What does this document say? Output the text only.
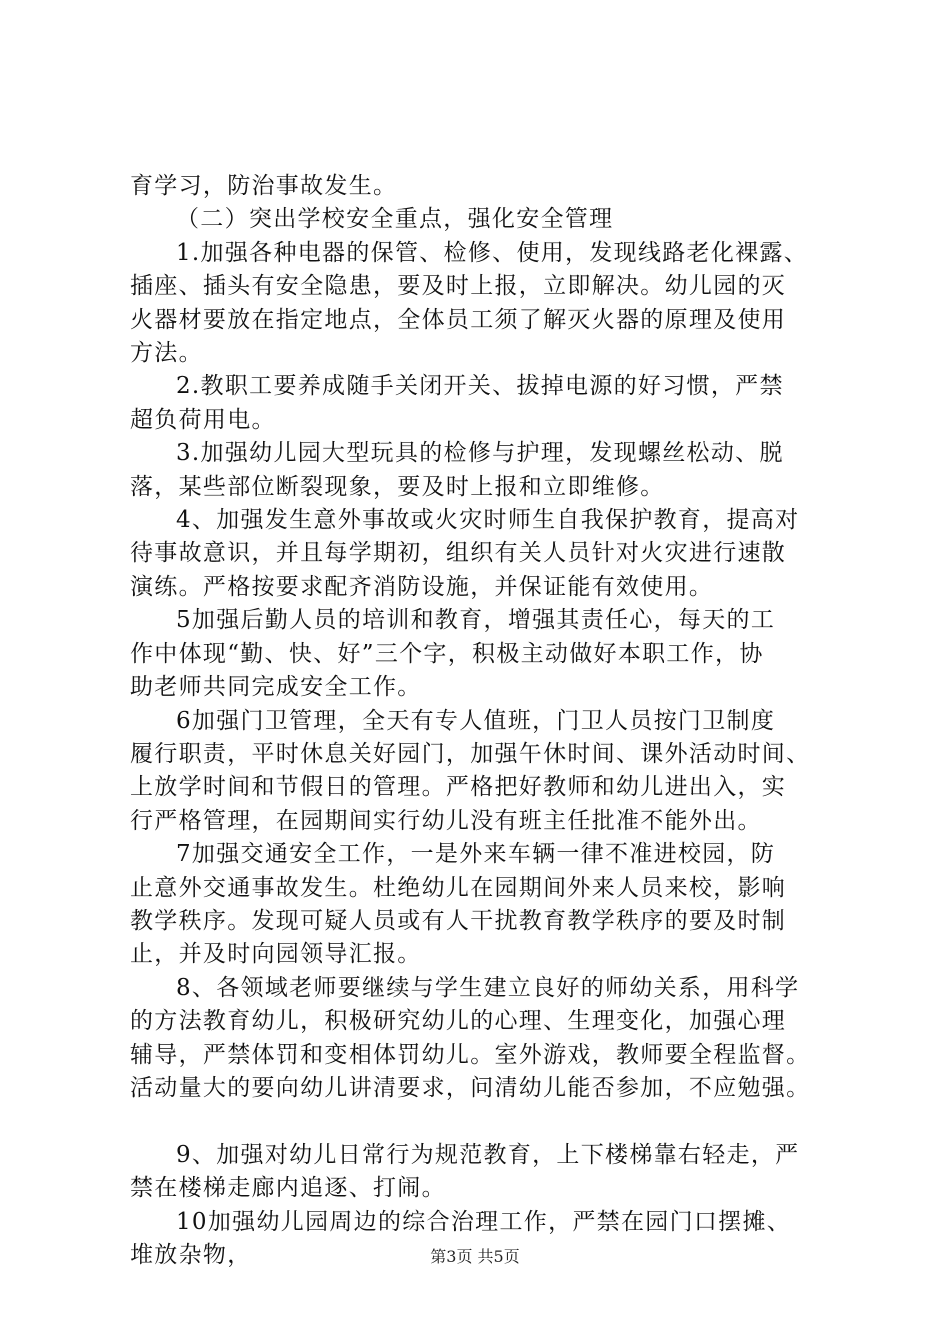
育学习，防治事故发生。

（二）突出学校安全重点，强化安全管理

1.加强各种电器的保管、检修、使用，发现线路老化裸露、
插座、插头有安全隐患，要及时上报，立即解决。幼儿园的灭
火器材要放在指定地点，全体员工须了解灭火器的原理及使用
方法。

2.教职工要养成随手关闭开关、拔掉电源的好习惯，严禁
超负荷用电。

3.加强幼儿园大型玩具的检修与护理，发现螺丝松动、脱
落，某些部位断裂现象，要及时上报和立即维修。

4、加强发生意外事故或火灾时师生自我保护教育，提高对
待事故意识，并且每学期初，组织有关人员针对火灾进行速散
演练。严格按要求配齐消防设施，并保证能有效使用。

5加强后勤人员的培训和教育，增强其责任心，每天的工
作中体现“勤、快、好”三个字，积极主动做好本职工作，协
助老师共同完成安全工作。

6加强门卫管理，全天有专人值班，门卫人员按门卫制度
履行职责，平时休息关好园门，加强午休时间、课外活动时间、
上放学时间和节假日的管理。严格把好教师和幼儿进出入，实
行严格管理，在园期间实行幼儿没有班主任批准不能外出。

7加强交通安全工作，一是外来车辆一律不准进校园，防
止意外交通事故发生。杜绝幼儿在园期间外来人员来校，影响
教学秩序。发现可疑人员或有人干扰教育教学秩序的要及时制
止，并及时向园领导汇报。

8、各领域老师要继续与学生建立良好的师幼关系，用科学
的方法教育幼儿，积极研究幼儿的心理、生理变化，加强心理
辅导，严禁体罚和变相体罚幼儿。室外游戏，教师要全程监督。
活动量大的要向幼儿讲清要求，问清幼儿能否参加，不应勉强。

9、加强对幼儿日常行为规范教育，上下楼梯靠右轻走，严
禁在楼梯走廊内追逐、打闹。

10加强幼儿园周边的综合治理工作，严禁在园门口摆摊、
堆放杂物，	第3页 共5页
